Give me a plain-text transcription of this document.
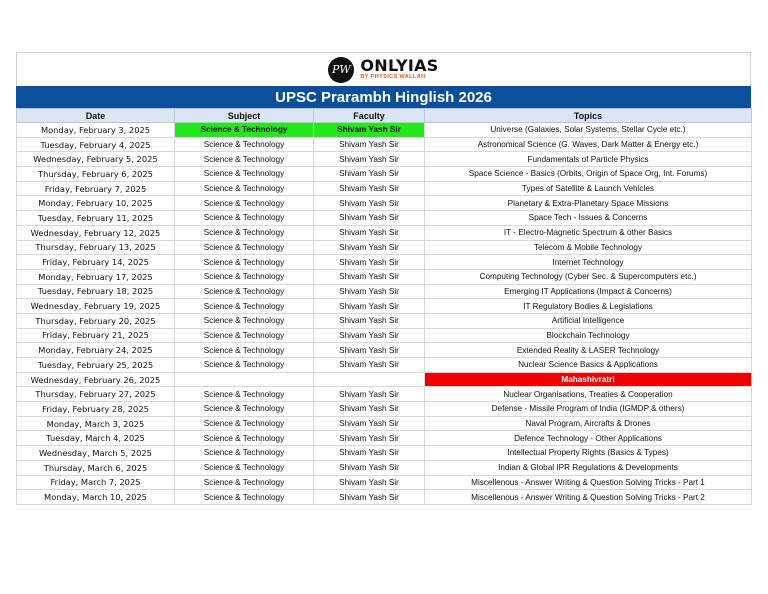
PW ONLYIAS
BY PHYSICS WALLAH
UPSC Prarambh Hinglish 2026
Date	Subject	Faculty	Topics
Monday, February 3, 2025	Science & Technology	Shivam Yash Sir	Universe (Galaxies, Solar Systems, Stellar Cycle etc.)
Tuesday, February 4, 2025	Science & Technology	Shivam Yash Sir	Astronomical Science (G. Waves, Dark Matter & Energy etc.)
Wednesday, February 5, 2025	Science & Technology	Shivam Yash Sir	Fundamentals of Particle Physics
Thursday, February 6, 2025	Science & Technology	Shivam Yash Sir	Space Science - Basics (Orbits, Origin of Space Org, Int. Forums)
Friday, February 7, 2025	Science & Technology	Shivam Yash Sir	Types of Satellite & Launch Vehicles
Monday, February 10, 2025	Science & Technology	Shivam Yash Sir	Planetary & Extra-Planetary Space Missions
Tuesday, February 11, 2025	Science & Technology	Shivam Yash Sir	Space Tech - Issues & Concerns
Wednesday, February 12, 2025	Science & Technology	Shivam Yash Sir	IT - Electro-Magnetic Spectrum & other Basics
Thursday, February 13, 2025	Science & Technology	Shivam Yash Sir	Telecom & Mobile Technology
Friday, February 14, 2025	Science & Technology	Shivam Yash Sir	Internet Technology
Monday, February 17, 2025	Science & Technology	Shivam Yash Sir	Computing Technology (Cyber Sec. & Supercomputers etc.)
Tuesday, February 18, 2025	Science & Technology	Shivam Yash Sir	Emerging IT Applications (Impact & Concerns)
Wednesday, February 19, 2025	Science & Technology	Shivam Yash Sir	IT Regulatory Bodies & Legislations
Thursday, February 20, 2025	Science & Technology	Shivam Yash Sir	Artificial Intelligence
Friday, February 21, 2025	Science & Technology	Shivam Yash Sir	Blockchain Technology
Monday, February 24, 2025	Science & Technology	Shivam Yash Sir	Extended Reality & LASER Technology
Tuesday, February 25, 2025	Science & Technology	Shivam Yash Sir	Nuclear Science Basics & Applications
Wednesday, February 26, 2025			Mahashivratri
Thursday, February 27, 2025	Science & Technology	Shivam Yash Sir	Nuclear Organisations, Treaties & Cooperation
Friday, February 28, 2025	Science & Technology	Shivam Yash Sir	Defense - Missile Program of India (IGMDP & others)
Monday, March 3, 2025	Science & Technology	Shivam Yash Sir	Naval Program, Aircrafts & Drones
Tuesday, March 4, 2025	Science & Technology	Shivam Yash Sir	Defence Technology - Other Applications
Wednesday, March 5, 2025	Science & Technology	Shivam Yash Sir	Intellectual Property Rights (Basics & Types)
Thursday, March 6, 2025	Science & Technology	Shivam Yash Sir	Indian & Global IPR Regulations & Developments
Friday, March 7, 2025	Science & Technology	Shivam Yash Sir	Miscellenous - Answer Writing & Question Solving Tricks - Part 1
Monday, March 10, 2025	Science & Technology	Shivam Yash Sir	Miscellenous - Answer Writing & Question Solving Tricks - Part 2
